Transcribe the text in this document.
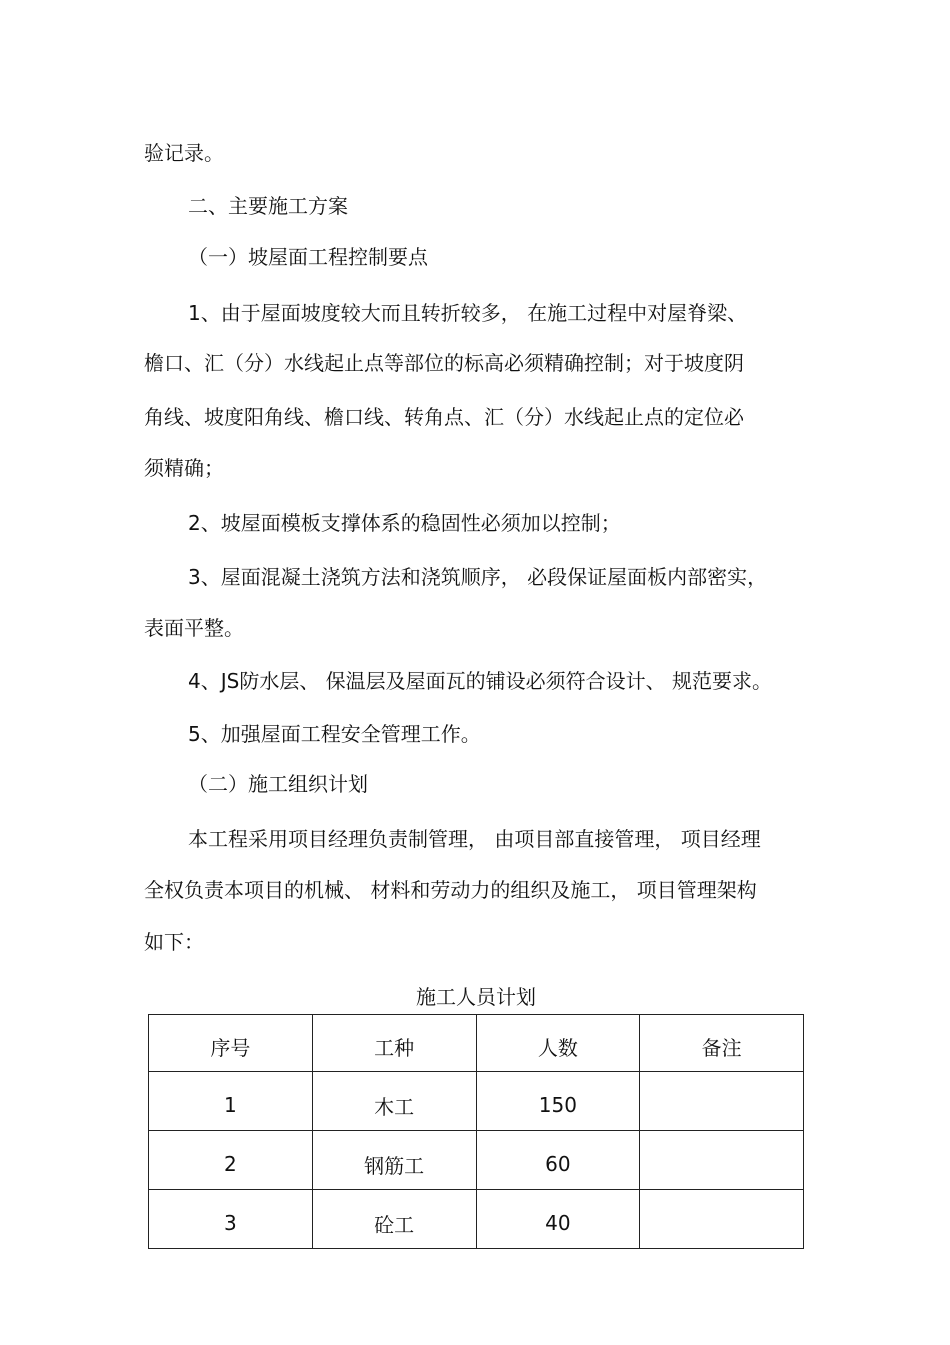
验记录。
二、主要施工方案
（一）坡屋面工程控制要点
1、由于屋面坡度较大而且转折较多， 在施工过程中对屋脊梁、
檐口、汇（分）水线起止点等部位的标高必须精确控制；对于坡度阴
角线、坡度阳角线、檐口线、转角点、汇（分）水线起止点的定位必
须精确；
2、坡屋面模板支撑体系的稳固性必须加以控制；
3、屋面混凝土浇筑方法和浇筑顺序， 必段保证屋面板内部密实，
表面平整。
4、JS防水层、 保温层及屋面瓦的铺设必须符合设计、 规范要求。
5、加强屋面工程安全管理工作。
（二）施工组织计划
本工程采用项目经理负责制管理， 由项目部直接管理， 项目经理
全权负责本项目的机械、 材料和劳动力的组织及施工， 项目管理架构
如下：
施工人员计划
序号	工种	人数	备注
1	木工	150	
2	钢筋工	60	
3	砼工	40	
